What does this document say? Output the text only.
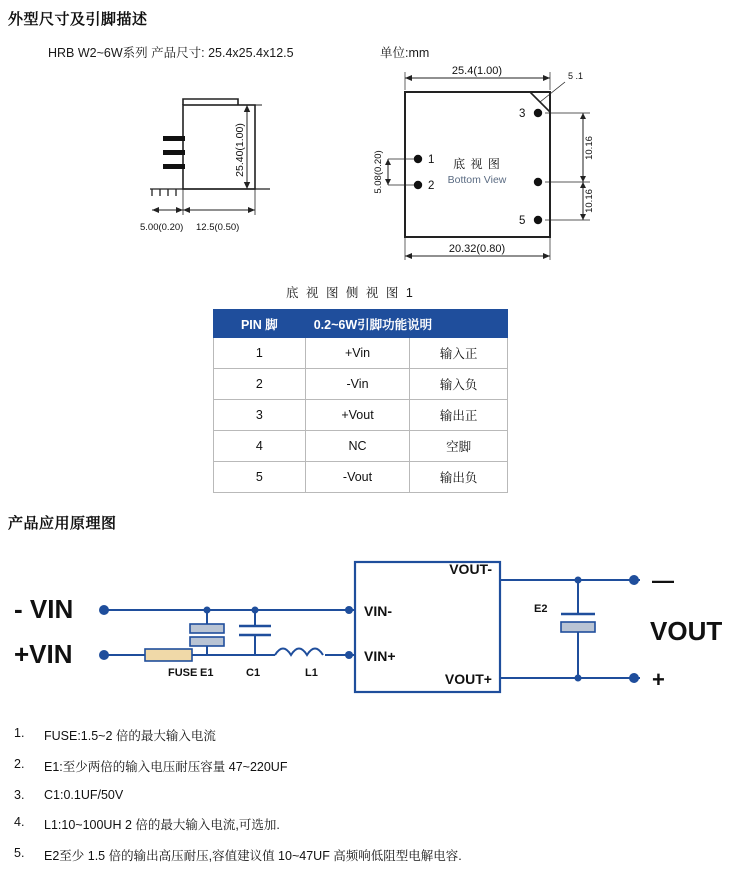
外型尺寸及引脚描述
HRB W2~6W系列 产品尺寸: 25.4x25.4x12.5	单位:mm
25.40(1.00)
5.00(0.20) 12.5(0.50)
25.4(1.00)
5.08(0.20)
20.32(0.80)
10.16
10.16
5 .1
底 视 图
Bottom View
1
2
3
5
底 视 图 侧 视 图 1
PIN 脚	0.2~6W引脚功能说明	
1	+Vin	输入正
2	-Vin	输入负
3	+Vout	输出正
4	NC	空脚
5	-Vout	输出负
产品应用原理图
- VIN
+VIN
FUSE E1	C1	L1
VIN-
VIN+
VOUT-
VOUT+
E2
VOUT
—
+
1.	FUSE:1.5~2 倍的最大输入电流
2.	E1:至少两倍的输入电压耐压容量 47~220UF
3.	C1:0.1UF/50V
4.	L1:10~100UH 2 倍的最大输入电流,可选加.
5.	E2至少 1.5 倍的输出高压耐压,容值建议值 10~47UF 高频响低阻型电解电容.
